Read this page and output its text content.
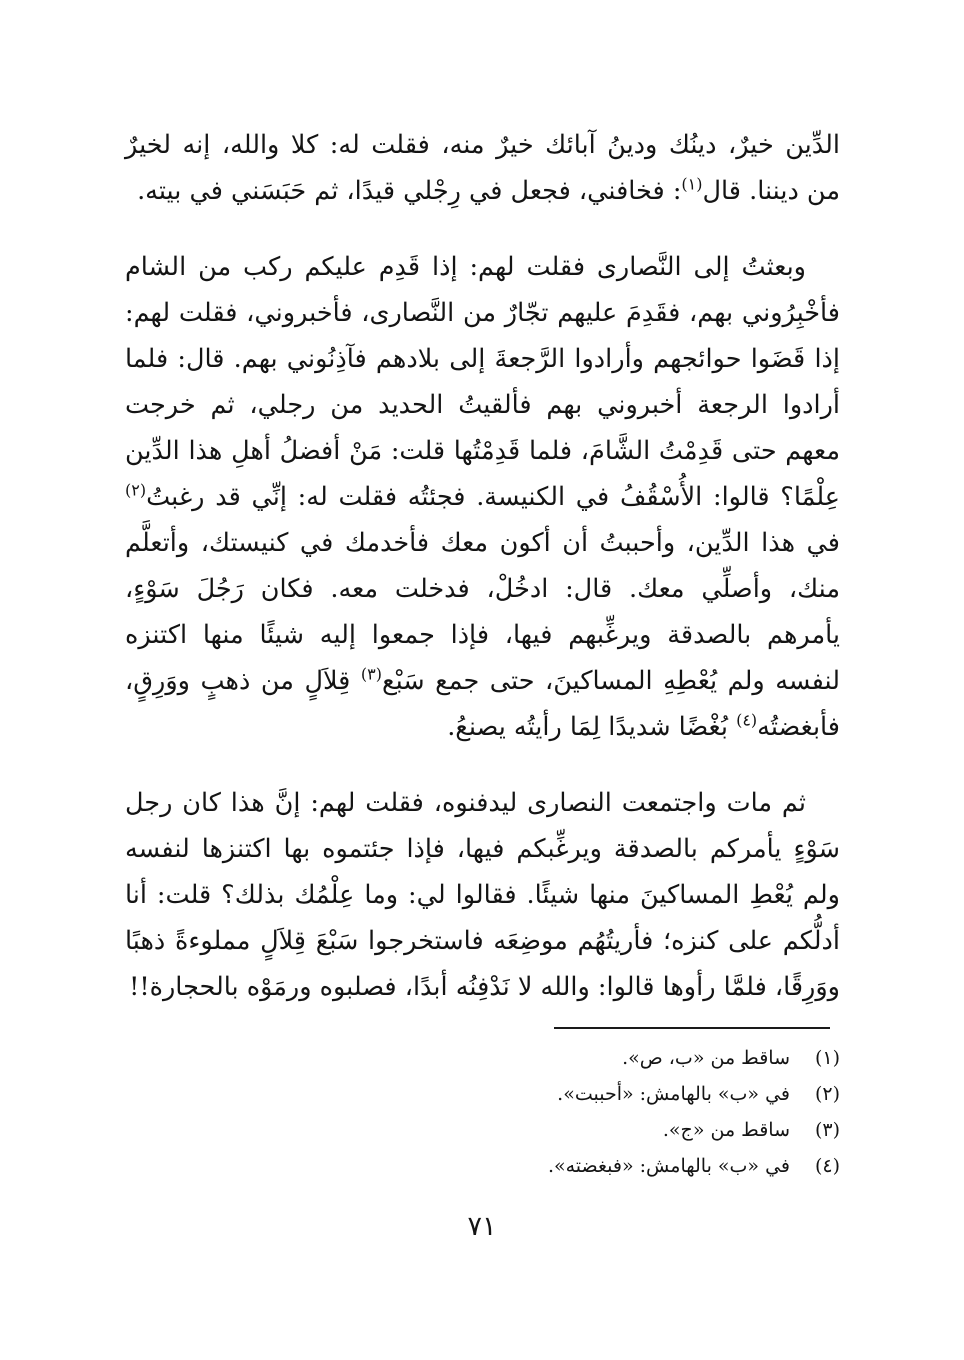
الدِّين خيرٌ، دينُك ودينُ آبائك خيرٌ منه، فقلت له: كلا والله، إنه لخيرٌ من ديننا. قال$^{(١)}$: فخافني، فجعل في رِجْلي قيدًا، ثم حَبَسَني في بيته.

وبعثتُ إلى النَّصارى فقلت لهم: إذا قَدِم عليكم ركب من الشام فأخْبِرُوني بهم، فقَدِمَ عليهم تجّارٌ من النَّصارى، فأخبروني، فقلت لهم: إذا قَضَوا حوائجهم وأرادوا الرَّجعةَ إلى بلادهم فآذِنُوني بهم. قال: فلما أرادوا الرجعة أخبروني بهم فألقيتُ الحديد من رجلي، ثم خرجت معهم حتى قَدِمْتُ الشَّامَ، فلما قَدِمْتُها قلت: مَنْ أفضلُ أهلِ هذا الدِّين عِلْمًا؟ قالوا: الأُسْقُفُ في الكنيسة. فجئتُه فقلت له: إنِّي قد رغبتُ$^{(٢)}$ في هذا الدِّين، وأحببتُ أن أكون معك فأخدمك في كنيستك، وأتعلَّم منك، وأصلِّي معك. قال: ادخُلْ، فدخلت معه. فكان رَجُلَ سَوْءٍ، يأمرهم بالصدقة ويرغِّبهم فيها، فإذا جمعوا إليه شيئًا منها اكتنزه لنفسه ولم يُعْطِهِ المساكينَ، حتى جمع سَبْع$^{(٣)}$ قِلاَلٍ من ذهبٍ ووَرِقٍ، فأبغضتُه$^{(٤)}$ بُغْضًا شديدًا لِمَا رأيتُه يصنعُ.

ثم مات واجتمعت النصارى ليدفنوه، فقلت لهم: إنَّ هذا كان رجل سَوْءٍ يأمركم بالصدقة ويرغِّبكم فيها، فإذا جئتموه بها اكتنزها لنفسه ولم يُعْطِ المساكينَ منها شيئًا. فقالوا لي: وما عِلْمُك بذلك؟ قلت: أنا أدلُّكم على كنزه؛ فأريتُهُم موضِعَه فاستخرجوا سَبْعَ قِلاَلٍ مملوءةً ذهبًا ووَرِقًا، فلمَّا رأوها قالوا: والله لا نَدْفِنُه أبدًا، فصلبوه ورمَوْه بالحجارة!!

(١)ساقط من «ب، ص».
(٢)في «ب» بالهامش: «أحببت».
(٣)ساقط من «ج».
(٤)في «ب» بالهامش: «فبغضته».
٧١
